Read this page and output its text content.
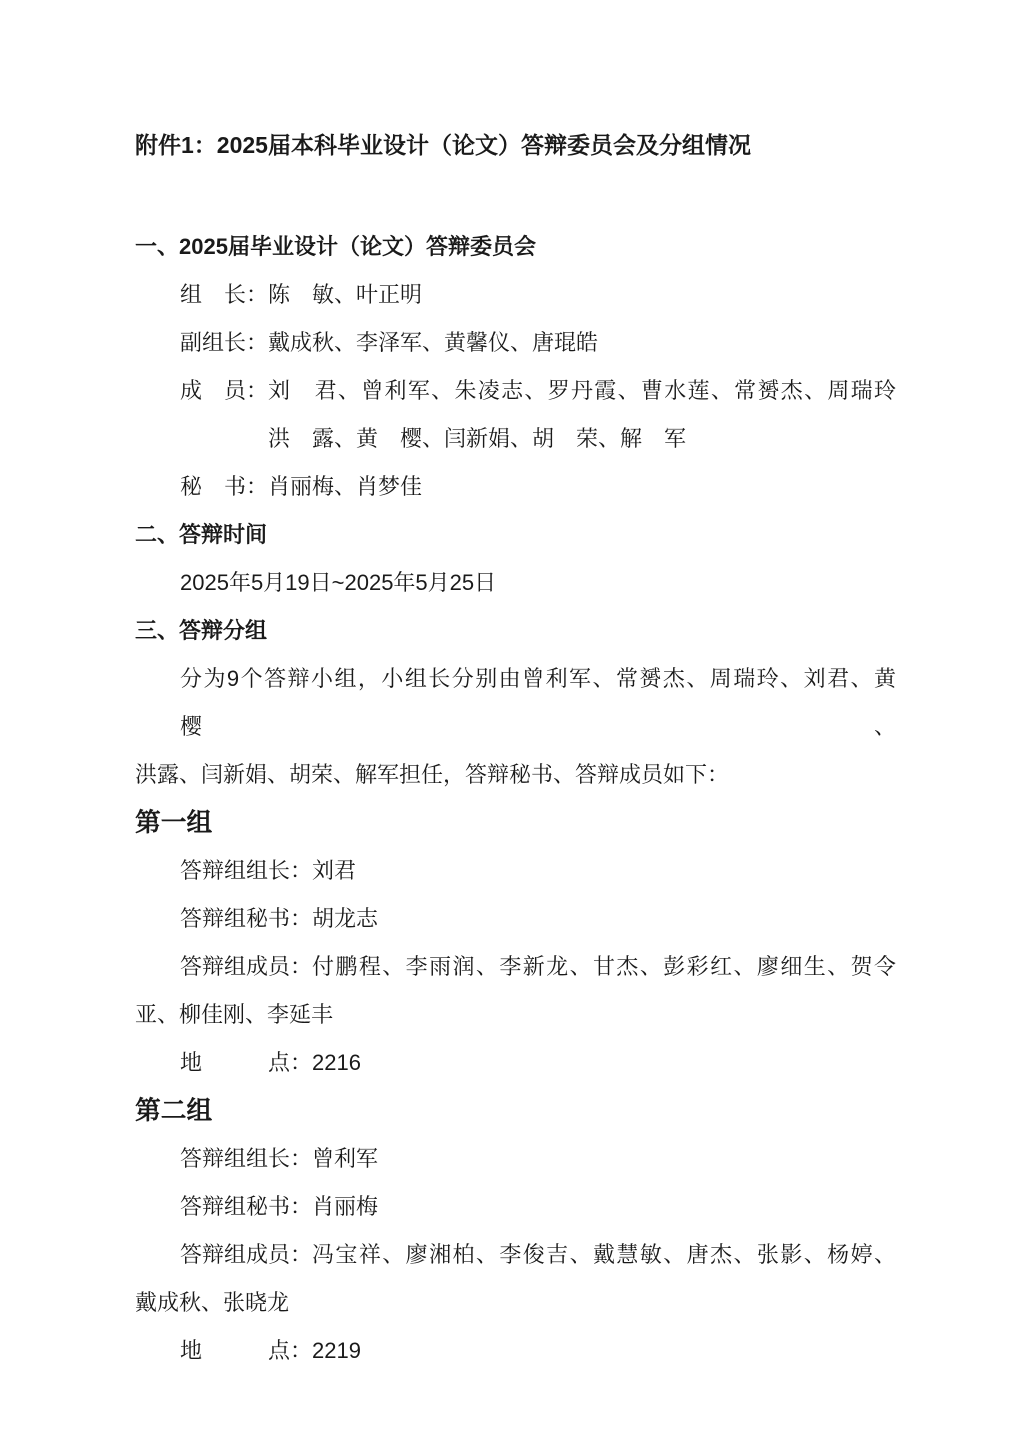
附件1：2025届本科毕业设计（论文）答辩委员会及分组情况
一、2025届毕业设计（论文）答辩委员会
组　长：陈　敏、叶正明
副组长：戴成秋、李泽军、黄馨仪、唐琨皓
成　员： 刘　君、曾利军、朱凌志、罗丹霞、曹水莲、常赟杰、周瑞玲
洪　露、黄　樱、闫新娟、胡　荣、解　军
秘　书：肖丽梅、肖梦佳
二、答辩时间
2025年5月19日~2025年5月25日
三、答辩分组
分为9个答辩小组，小组长分别由曾利军、常赟杰、周瑞玲、刘君、黄樱、
洪露、闫新娟、胡荣、解军担任，答辩秘书、答辩成员如下：
第一组
答辩组组长：刘君
答辩组秘书：胡龙志
答辩组成员： 付鹏程、李雨润、李新龙、甘杰、彭彩红、廖细生、贺令
亚、柳佳刚、李延丰
地　　　点：2216
第二组
答辩组组长：曾利军
答辩组秘书：肖丽梅
答辩组成员： 冯宝祥、廖湘柏、李俊吉、戴慧敏、唐杰、张影、杨婷、
戴成秋、张晓龙
地　　　点：2219
